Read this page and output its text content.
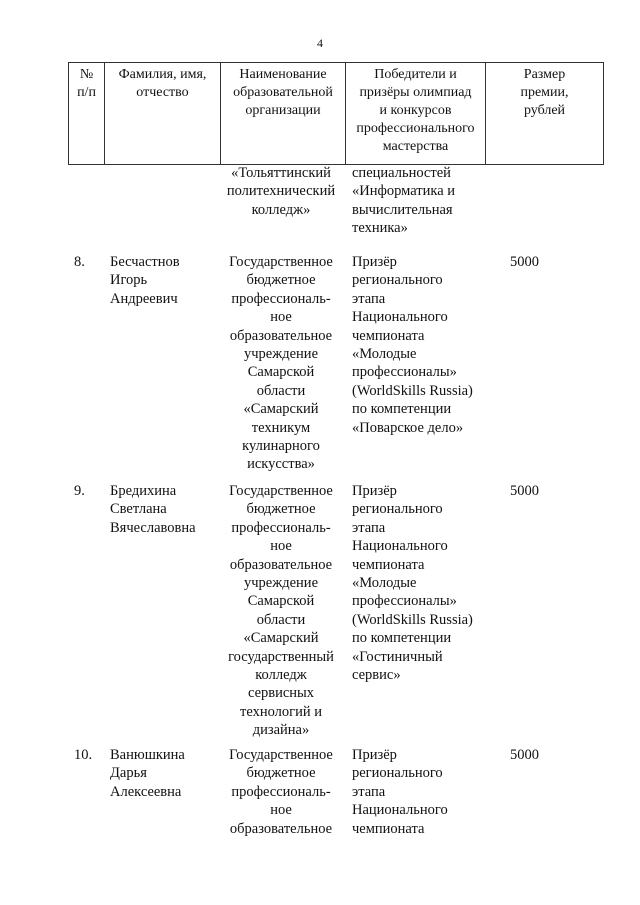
4
№
п/п
Фамилия, имя,
отчество
Наименование
образовательной
организации
Победители и
призёры олимпиад
и конкурсов
профессионального
мастерства
Размер
премии,
рублей
«Тольяттинский
политехнический
колледж»
специальностей
«Информатика и
вычислительная
техника»
8. Бесчастнов
Игорь
Андреевич
Государственное
бюджетное
профессиональ-
ное
образовательное
учреждение
Самарской
области
«Самарский
техникум
кулинарного
искусства»
Призёр
регионального
этапа
Национального
чемпионата
«Молодые
профессионалы»
(WorldSkills Russia)
по компетенции
«Поварское дело»
5000
9. Бредихина
Светлана
Вячеславовна
Государственное
бюджетное
профессиональ-
ное
образовательное
учреждение
Самарской
области
«Самарский
государственный
колледж
сервисных
технологий и
дизайна»
Призёр
регионального
этапа
Национального
чемпионата
«Молодые
профессионалы»
(WorldSkills Russia)
по компетенции
«Гостиничный
сервис»
5000
10. Ванюшкина
Дарья
Алексеевна
Государственное
бюджетное
профессиональ-
ное
образовательное
Призёр
регионального
этапа
Национального
чемпионата
5000
